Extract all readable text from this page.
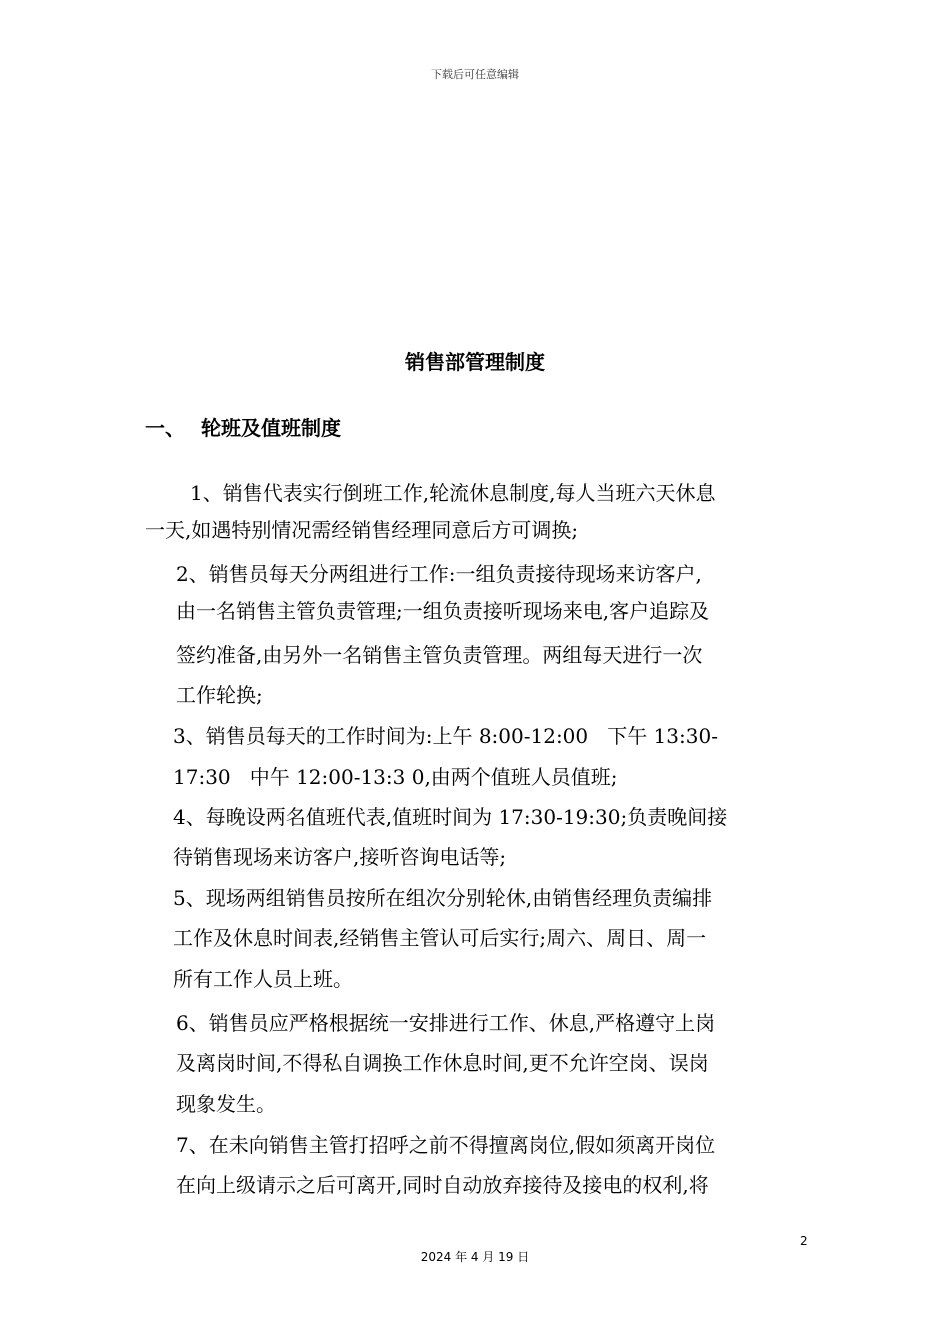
下载后可任意编辑
销售部管理制度
一、 轮班及值班制度
1、销售代表实行倒班工作,轮流休息制度,每人当班六天休息
一天,如遇特别情况需经销售经理同意后方可调换;
2、销售员每天分两组进行工作:一组负责接待现场来访客户,
由一名销售主管负责管理;一组负责接听现场来电,客户追踪及
签约准备,由另外一名销售主管负责管理。两组每天进行一次
工作轮换;
3、销售员每天的工作时间为:上午 8:00-12:00   下午 13:30-
17:30   中午 12:00-13:3 0,由两个值班人员值班;
4、每晚设两名值班代表,值班时间为 17:30-19:30;负责晚间接
待销售现场来访客户,接听咨询电话等;
5、现场两组销售员按所在组次分别轮休,由销售经理负责编排
工作及休息时间表,经销售主管认可后实行;周六、周日、周一
所有工作人员上班。
6、销售员应严格根据统一安排进行工作、休息,严格遵守上岗
及离岗时间,不得私自调换工作休息时间,更不允许空岗、误岗
现象发生。
7、在未向销售主管打招呼之前不得擅离岗位,假如须离开岗位
在向上级请示之后可离开,同时自动放弃接待及接电的权利,将
2
2024 年 4 月 19 日
